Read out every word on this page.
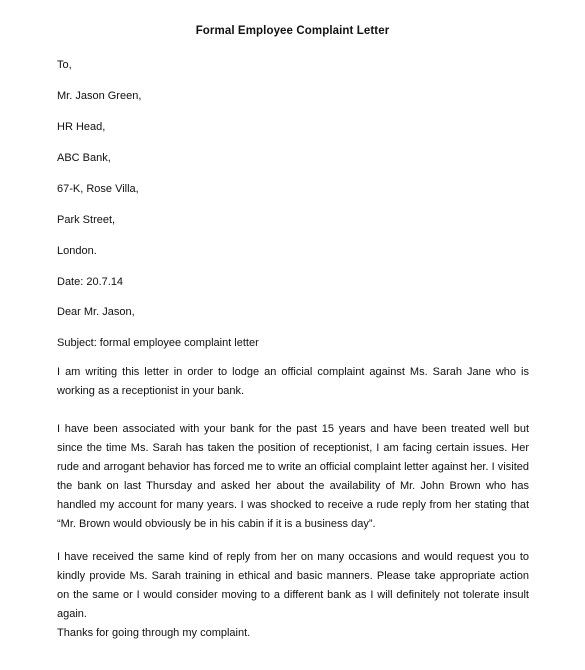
Formal Employee Complaint Letter
To,
Mr. Jason Green,
HR Head,
ABC Bank,
67-K, Rose Villa,
Park Street,
London.
Date: 20.7.14
Dear Mr. Jason,
Subject: formal employee complaint letter
I am writing this letter in order to lodge an official complaint against Ms. Sarah Jane who is working as a receptionist in your bank.
I have been associated with your bank for the past 15 years and have been treated well but since the time Ms. Sarah has taken the position of receptionist, I am facing certain issues. Her rude and arrogant behavior has forced me to write an official complaint letter against her. I visited the bank on last Thursday and asked her about the availability of Mr. John Brown who has handled my account for many years. I was shocked to receive a rude reply from her stating that “Mr. Brown would obviously be in his cabin if it is a business day”.
I have received the same kind of reply from her on many occasions and would request you to kindly provide Ms. Sarah training in ethical and basic manners. Please take appropriate action on the same or I would consider moving to a different bank as I will definitely not tolerate insult again.
Thanks for going through my complaint.
